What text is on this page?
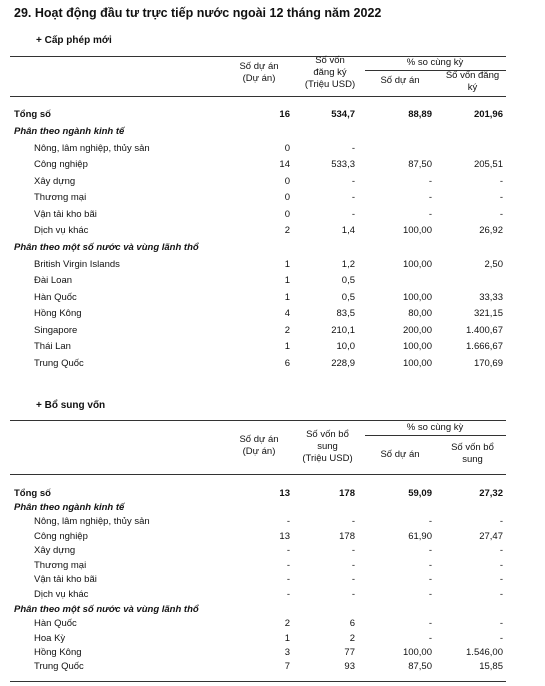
29. Hoạt động đầu tư trực tiếp nước ngoài 12 tháng năm 2022
+ Cấp phép mới
Số dự án
(Dự án)
Số vốn
đăng ký
(Triệu USD)
% so cùng kỳ
Số dự án	Số vốn đăng
ký
Tổng số	16	534,7	88,89	201,96
Phân theo ngành kinh tế
Nông, lâm nghiệp, thủy sản	0	-
Công nghiệp	14	533,3	87,50	205,51
Xây dựng	0	-	-	-
Thương mại	0	-	-	-
Vận tải kho bãi	0	-	-	-
Dịch vụ khác	2	1,4	100,00	26,92
Phân theo một số nước và vùng lãnh thổ
British Virgin Islands	1	1,2	100,00	2,50
Đài Loan	1	0,5
Hàn Quốc	1	0,5	100,00	33,33
Hồng Kông	4	83,5	80,00	321,15
Singapore	2	210,1	200,00	1.400,67
Thái Lan	1	10,0	100,00	1.666,67
Trung Quốc	6	228,9	100,00	170,69
+ Bổ sung vốn
Số dự án
(Dự án)
Số vốn bổ
sung
(Triệu USD)
% so cùng kỳ
Số dự án
Số vốn bổ
sung
Tổng số	13	178	59,09	27,32
Phân theo ngành kinh tế
Nông, lâm nghiệp, thủy sản	-	-	-	-
Công nghiệp	13	178	61,90	27,47
Xây dựng	-	-	-	-
Thương mại	-	-	-	-
Vận tải kho bãi	-	-	-	-
Dịch vụ khác	-	-	-	-
Phân theo một số nước và vùng lãnh thổ
Hàn Quốc	2	6	-	-
Hoa Kỳ	1	2	-	-
Hồng Kông	3	77	100,00	1.546,00
Trung Quốc	7	93	87,50	15,85
